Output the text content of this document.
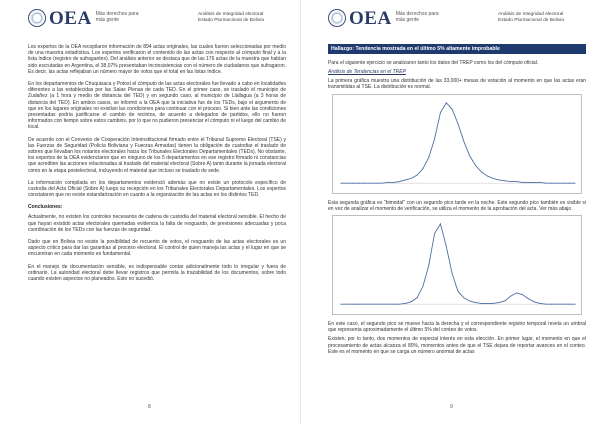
OEA Más derechos para más gente
Análisis de Integridad electoral
Estado Plurinacional de Bolivia

Los expertos de la OEA recopilaron información de 894 actas originales, las cuales fueron seleccionadas por medio de una muestra estadística. Los expertos verificaron el contenido de las actas con respecto al cómputo final y a la lista índice (registro de sufragantes). Del análisis anterior se destaca que de las 176 actas de la muestra que habían sido escrutadas en Argentina, el 38,07% presentaban inconsistencias con el número de ciudadanos que sufragaron. Es decir, las actas reflejaban un número mayor de votos que el total en las listas índice.

En los departamentos de Chuquisaca y Potosí el cómputo de las actas electorales fue llevado a cabo en localidades diferentes a las establecidas por las Salas Plenas de cada TED. En el primer caso, se trasladó el municipio de Zudañez (a 1 hora y medio de distancia del TED) y en segundo caso, al municipio de Llallagua (a 3 horas de distancia del TED). En ambos casos, se informó a la OEA que la iniciativa fue de los TEDs, bajo el argumento de que en los lugares originales no existían las condiciones para continuar con el proceso. Si bien ante las condiciones presentadas podría justificarse el cambio de recintos, de acuerdo a delegados de partidos, ello no fueron informados con tiempo sobre estos cambios, por lo que no pudieron presenciar el cómputo ni el luego del cambio de local.

De acuerdo con el Convenio de Cooperación Interinstitucional firmado entre el Tribunal Supremo Electoral (TSE) y las Fuerzas de Seguridad (Policía Boliviana y Fuerzas Armadas) tienen la obligación de custodiar el traslado de sobres que llevaban los notarios electorales hacia los Tribunales Electorales Departamentales (TEDs). No obstante, los expertos de la OEA evidenciaron que en ninguno de los 5 departamentos en ese registro firmado ni constancias que acrediten las acciones relacionadas al traslado del material electoral (Sobre A) tanto durante la jornada electoral como en la etapa postelectoral, incluyendo el material que incluso se traslado de sede.

La información compilada en los departamentos evidenció además que no existe un protocolo específico de custodia del Acta Oficial (Sobre A) luego su recepción en los Tribunales Electorales Departamentales. Los expertos constataron que no existe estandarización en cuanto a la organización de las actas en los distintos TED.

Conclusiones:

Actualmente, no existen los controles necesarios de cadena de custodia del material electoral sensible. El hecho de que hayan existido actas electorales quemadas evidencia la falta de resguardo, de previsiones adecuadas y poca coordinación de los TEDs con las fuerzas de seguridad.

Dado que en Bolivia no existe la posibilidad de recuento de votos, el resguardo de las actas electorales es un aspecto crítico para dar las garantías al proceso electoral. El control de quien maneja las actas y el lugar en que se encuentran en cada momento es fundamental.

En el manejo de documentación sensible, es indispensable contar adicionalmente todo lo irregular y fuera de ordinario. La autoridad electoral debe llevar registros que permita la trazabilidad de los documentos, sobre todo cuando existen aspectos no planeados. Esto no sucedió.

8
OEA Más derechos para más gente
Análisis de Integridad electoral
Estado Plurinacional de Bolivia
Hallazgo: Tendencia mostrada en el último 5% altamente improbable

Para el siguiente ejercicio se analizaron tanto los datos del TREP como los del cómputo oficial.

Análisis de Tendencias en el TREP

La primera gráfica muestra una distribución de las 33,000+ mesas de votación al momento en que las actas eran transmitidas al TSE. La distribución es normal.

Esta segunda gráfica es "bimodal" con un segundo pico tarde en la noche. Este segundo pico también es visible si en vez de analizar el momento de verificación, se utiliza el momento de la aprobación del acta. Ver más abajo.

En este caso, el segundo pico se mueve hacia la derecha y el correspondiente registro temporal revela un umbral que representa aproximadamente el último 5% del conteo de votos.

Existen, por lo tanto, dos momentos de especial interés en esta elección. En primer lugar, el momento en que el procesamiento de actas alcanza el 80%, momentos antes de que el TSE dejara de reportar avances en el conteo. Este es el momento en que se carga un número anormal de actas

9
